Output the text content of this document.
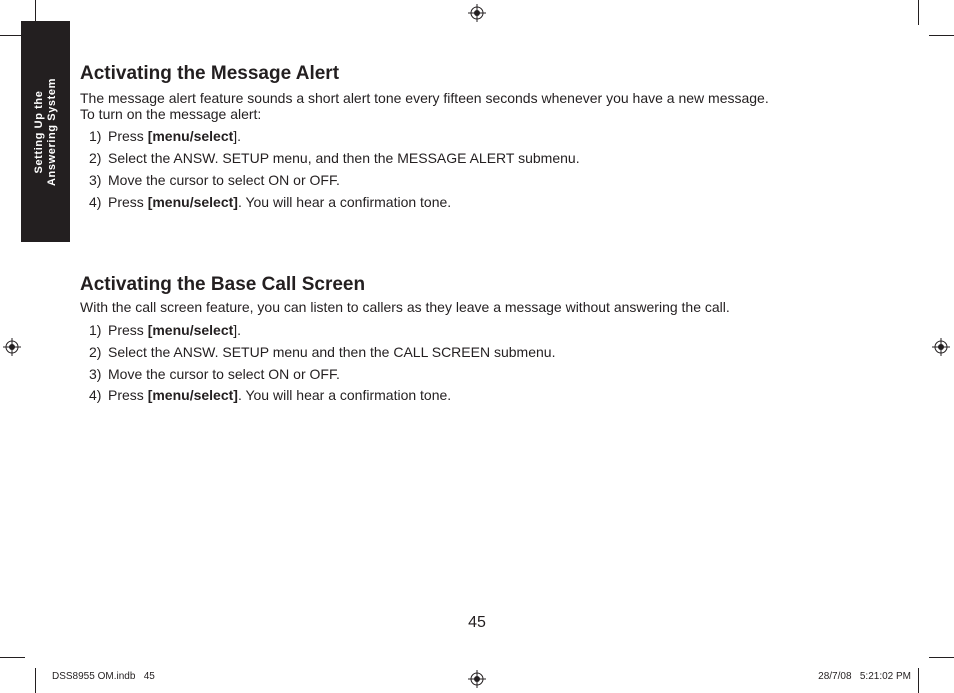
Setting Up the Answering System
Activating the Message Alert

The message alert feature sounds a short alert tone every fifteen seconds whenever you have a new message.

To turn on the message alert:

1) Press [menu/select].

2) Select the ANSW. SETUP menu, and then the MESSAGE ALERT submenu.

3) Move the cursor to select ON or OFF.

4) Press [menu/select]. You will hear a confirmation tone.

Activating the Base Call Screen

With the call screen feature, you can listen to callers as they leave a message without answering the call.

1) Press [menu/select].

2) Select the ANSW. SETUP menu and then the CALL SCREEN submenu.

3) Move the cursor to select ON or OFF.

4) Press [menu/select]. You will hear a confirmation tone.

45
DSS8955 OM.indb   45	28/7/08   5:21:02 PM
